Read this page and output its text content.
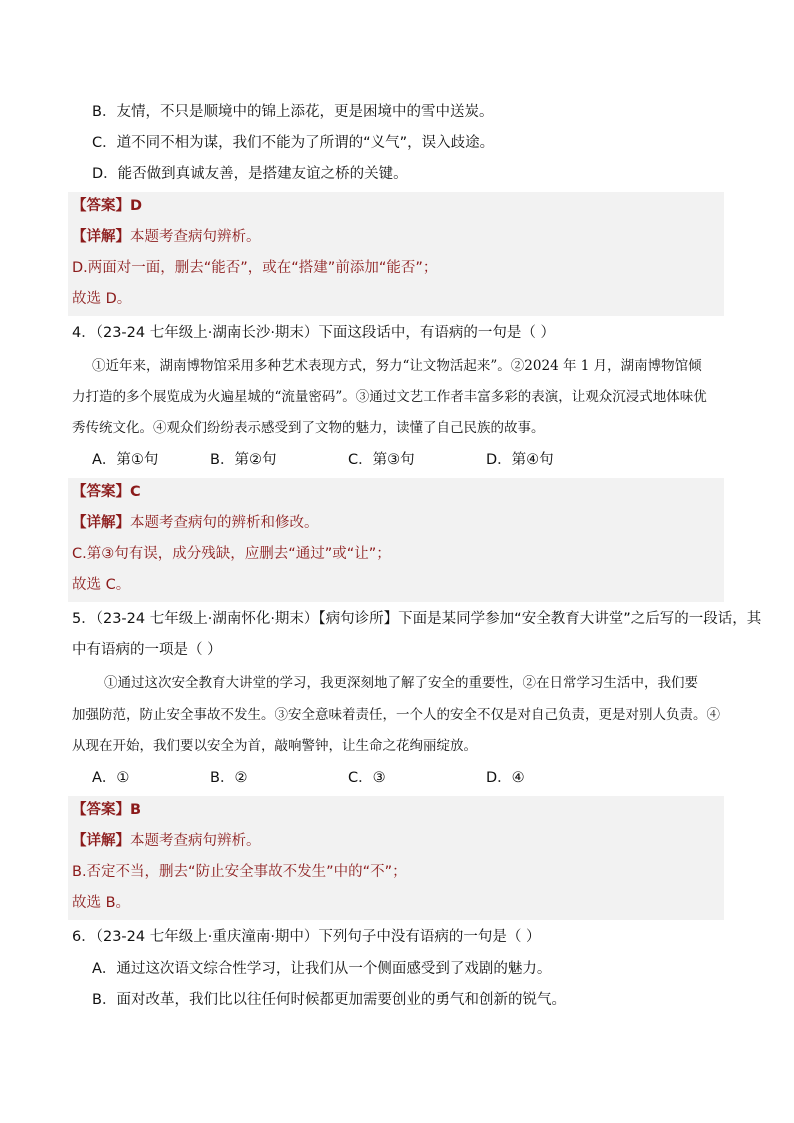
B．友情，不只是顺境中的锦上添花，更是困境中的雪中送炭。
C．道不同不相为谋，我们不能为了所谓的“义气”，误入歧途。
D．能否做到真诚友善，是搭建友谊之桥的关键。
【答案】D
【详解】本题考查病句辨析。
D.两面对一面，删去“能否”，或在“搭建”前添加“能否”；
故选 D。
4．（23-24 七年级上·湖南长沙·期末）下面这段话中，有语病的一句是（ ）
①近年来，湖南博物馆采用多种艺术表现方式，努力“让文物活起来”。②2024 年 1 月，湖南博物馆倾
力打造的多个展览成为火遍星城的“流量密码”。③通过文艺工作者丰富多彩的表演，让观众沉浸式地体味优
秀传统文化。④观众们纷纷表示感受到了文物的魅力，读懂了自己民族的故事。
A．第①句	B．第②句	C．第③句	D．第④句
【答案】C
【详解】本题考查病句的辨析和修改。
C.第③句有误，成分残缺，应删去“通过”或“让”；
故选 C。
5．（23-24 七年级上·湖南怀化·期末）【病句诊所】下面是某同学参加“安全教育大讲堂”之后写的一段话，其
中有语病的一项是（ ）
①通过这次安全教育大讲堂的学习，我更深刻地了解了安全的重要性，②在日常学习生活中，我们要
加强防范，防止安全事故不发生。③安全意味着责任，一个人的安全不仅是对自己负责，更是对别人负责。④
从现在开始，我们要以安全为首，敲响警钟，让生命之花绚丽绽放。
A．①	B．②	C．③	D．④
【答案】B
【详解】本题考查病句辨析。
B.否定不当，删去“防止安全事故不发生”中的“不”；
故选 B。
6．（23-24 七年级上·重庆潼南·期中）下列句子中没有语病的一句是（ ）
A．通过这次语文综合性学习，让我们从一个侧面感受到了戏剧的魅力。
B．面对改革，我们比以往任何时候都更加需要创业的勇气和创新的锐气。
